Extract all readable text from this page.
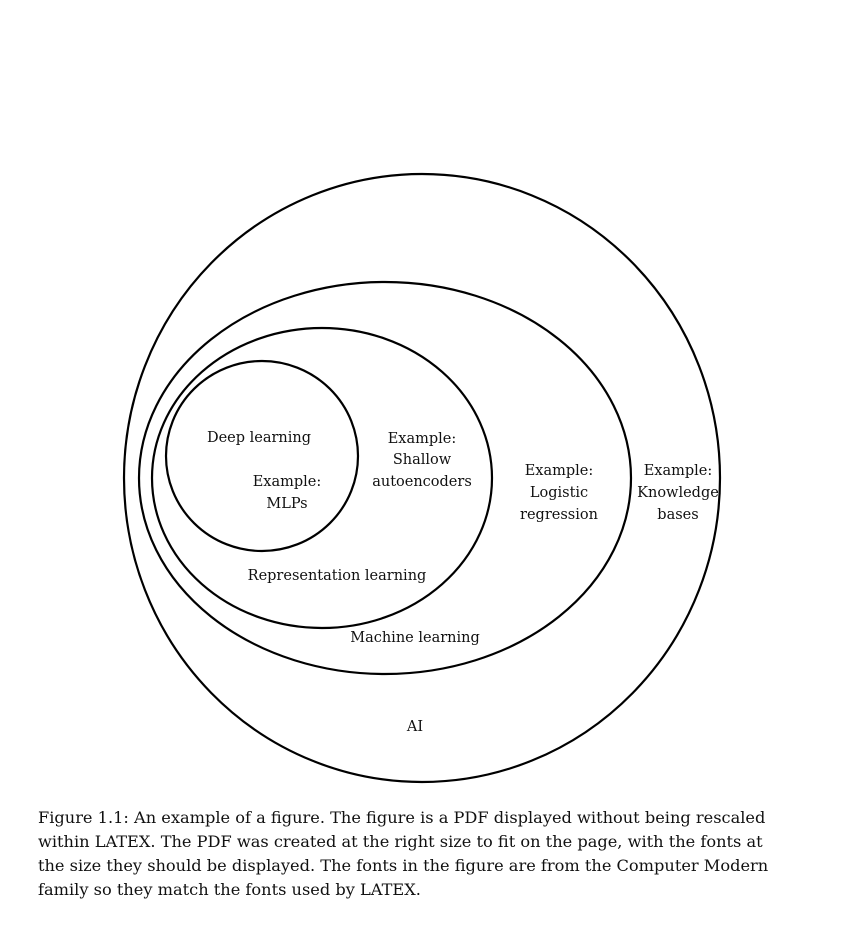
Deep learning
Representation learning
Machine learning
AI
Example:
MLPs
Example:
Shallow
autoencoders
Example:
Logistic
regression
Example:
Knowledge
bases
Figure 1.1: An example of a figure. The figure is a PDF displayed without being rescaled
within LATEX. The PDF was created at the right size to fit on the page, with the fonts at
the size they should be displayed. The fonts in the figure are from the Computer Modern
family so they match the fonts used by LATEX.
